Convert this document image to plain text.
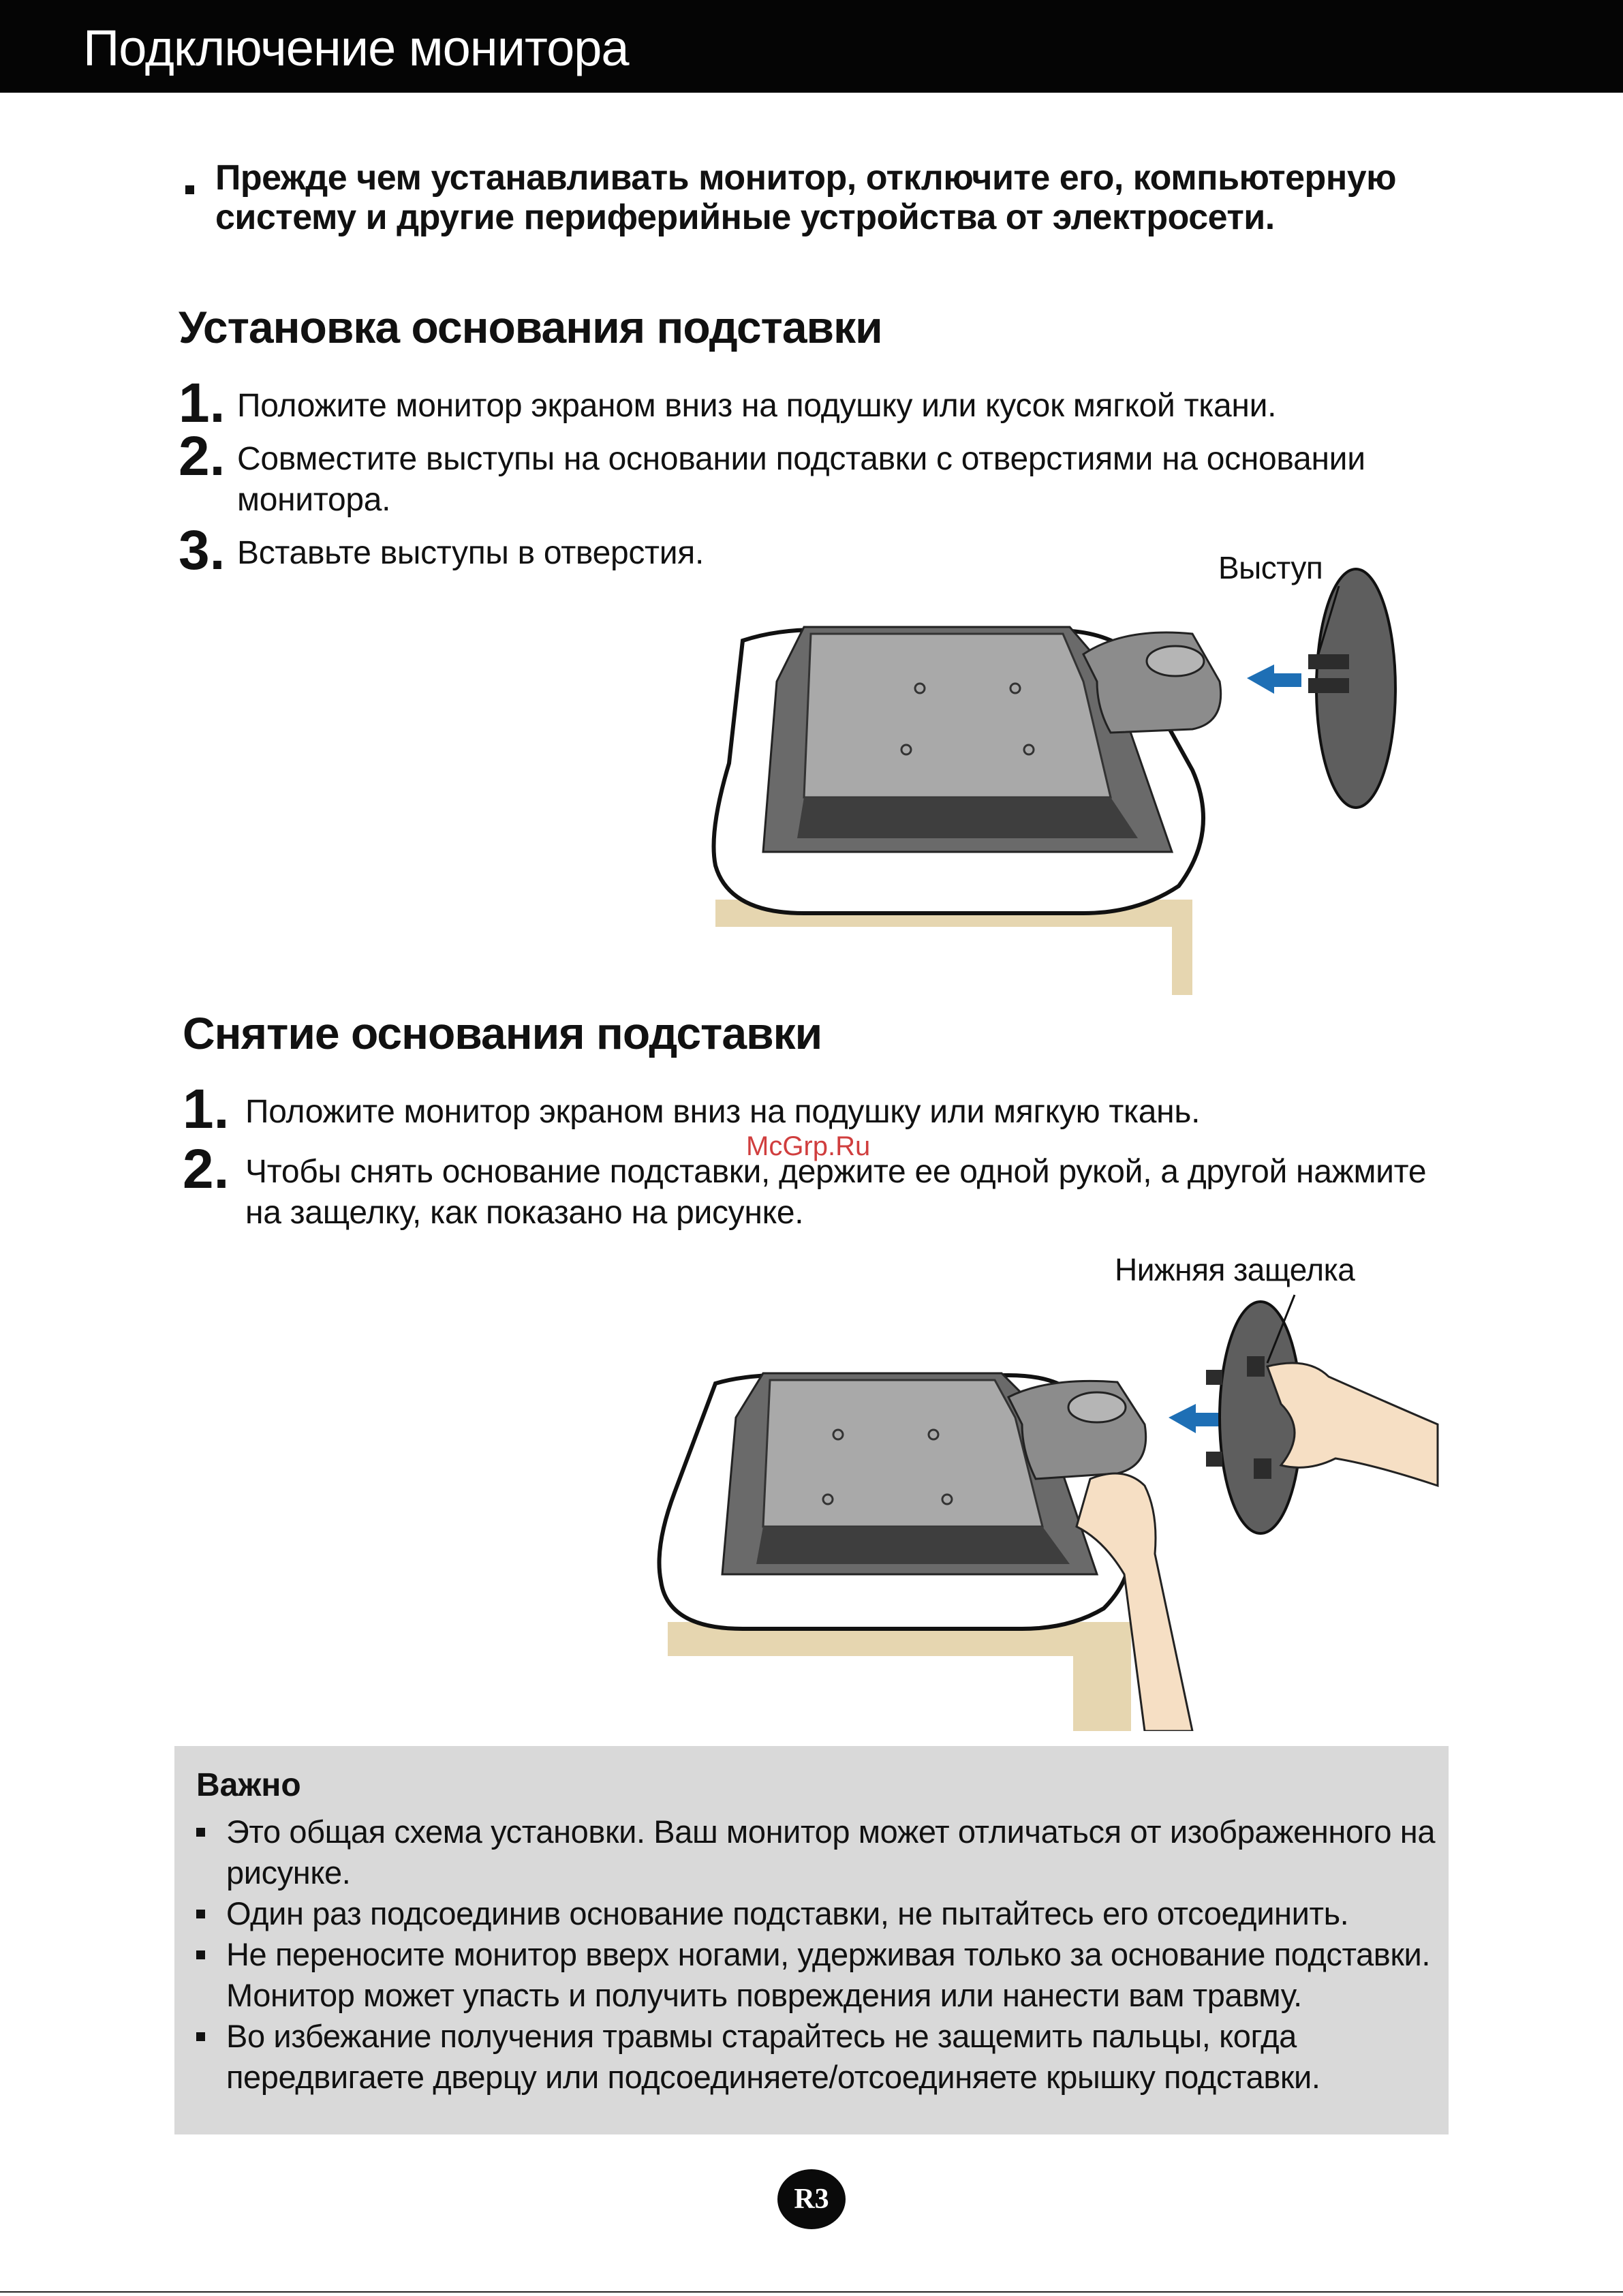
Подключение монитора
Прежде чем устанавливать монитор, отключите его, компьютерную систему и другие периферийные устройства от электросети.
Установка основания подставки
1. Положите монитор экраном вниз на подушку или кусок мягкой ткани.
2. Совместите выступы на основании подставки с отверстиями на основании монитора.
3. Вставьте выступы в отверстия.	Выступ
Снятие основания подставки
1. Положите монитор экраном вниз на подушку или мягкую ткань.
2. Чтобы снять основание подставки, держите ее одной рукой, а другой нажмите на защелку, как показано на рисунке.
McGrp.Ru
Нижняя защелка
Важно
Это общая схема установки. Ваш монитор может отличаться от изображенного на рисунке.
Один раз подсоединив основание подставки, не пытайтесь его отсоединить.
Не переносите монитор вверх ногами, удерживая только за основание подставки. Монитор может упасть и получить повреждения или нанести вам травму.
Во избежание получения травмы старайтесь не защемить пальцы, когда передвигаете дверцу или подсоединяете/отсоединяете крышку подставки.
R3
